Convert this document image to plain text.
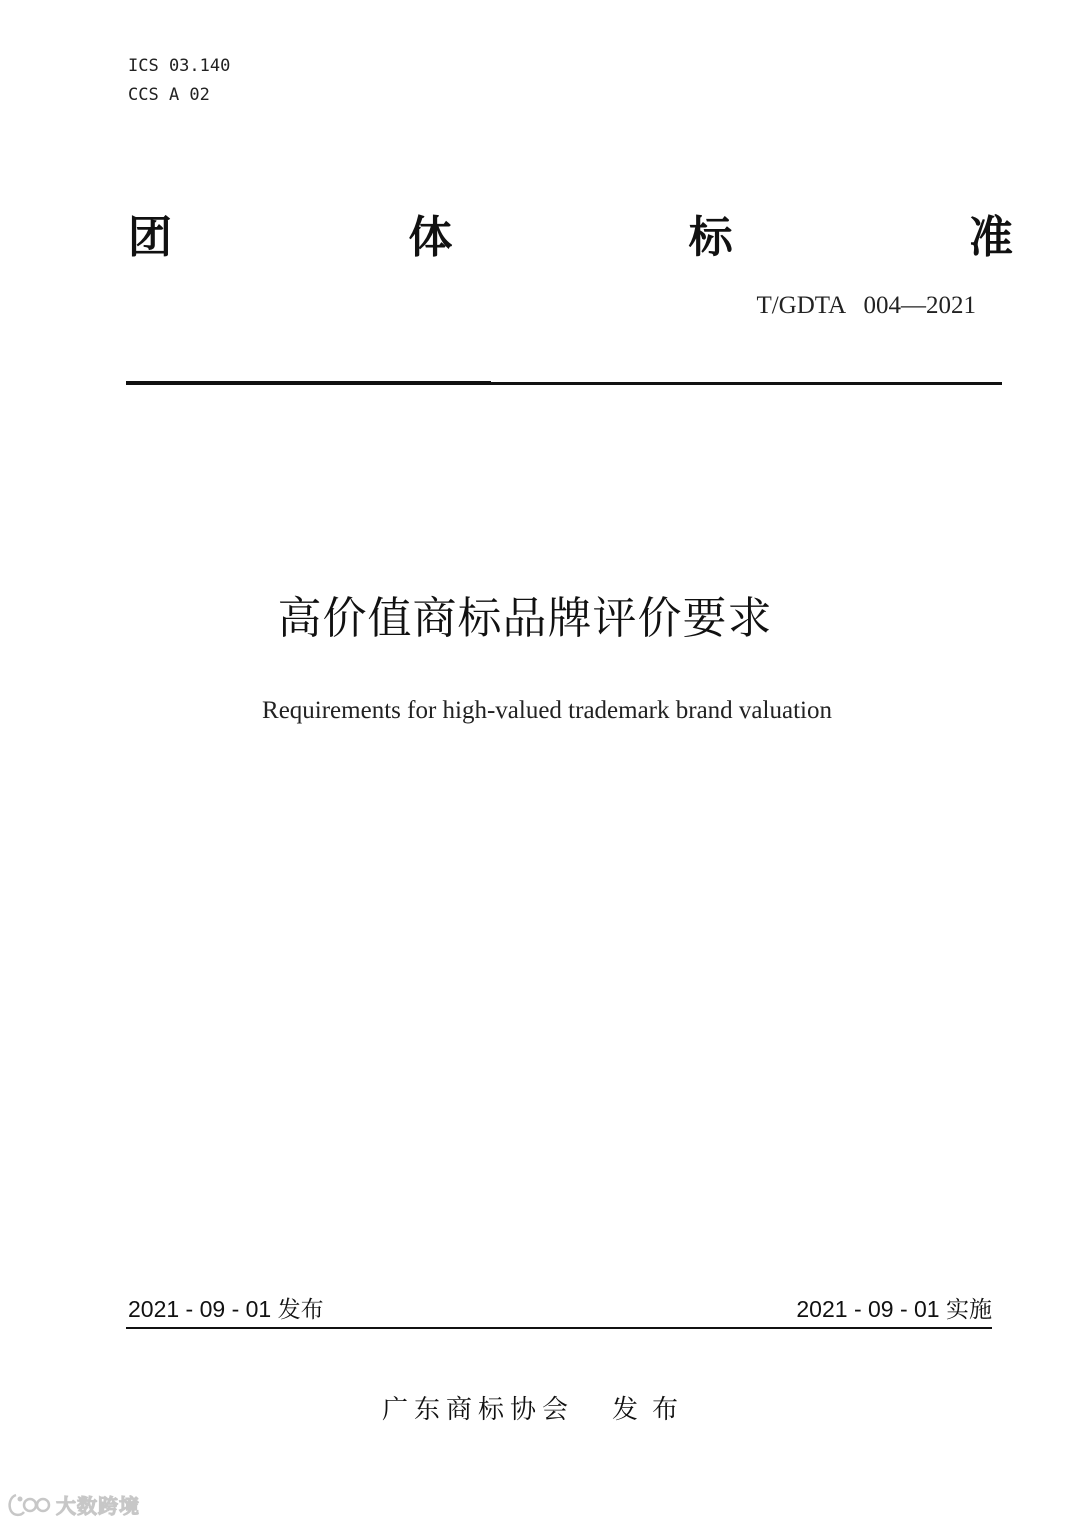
ICS 03.140
CCS A 02
团	体	标	准
T/GDTA   004—2021
高价值商标品牌评价要求
Requirements for high-valued trademark brand valuation
2021 - 09 - 01 发布	2021 - 09 - 01 实施
广东商标协会 发布
大数跨境
